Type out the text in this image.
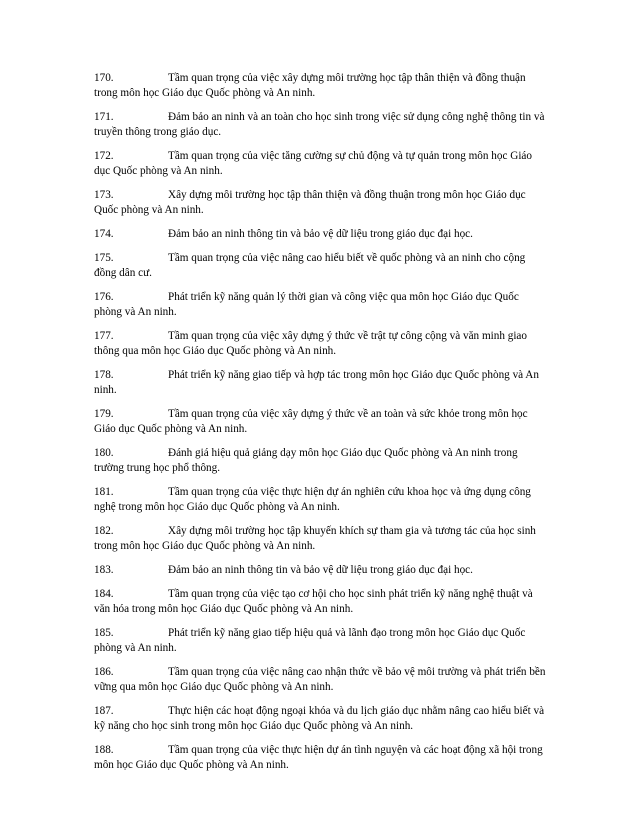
170.	Tầm quan trọng của việc xây dựng môi trường học tập thân thiện và đồng thuận trong môn học Giáo dục Quốc phòng và An ninh.
171.	Đảm bảo an ninh và an toàn cho học sinh trong việc sử dụng công nghệ thông tin và truyền thông trong giáo dục.
172.	Tầm quan trọng của việc tăng cường sự chủ động và tự quản trong môn học Giáo dục Quốc phòng và An ninh.
173.	Xây dựng môi trường học tập thân thiện và đồng thuận trong môn học Giáo dục Quốc phòng và An ninh.
174.	Đảm bảo an ninh thông tin và bảo vệ dữ liệu trong giáo dục đại học.
175.	Tầm quan trọng của việc nâng cao hiểu biết về quốc phòng và an ninh cho cộng đồng dân cư.
176.	Phát triển kỹ năng quản lý thời gian và công việc qua môn học Giáo dục Quốc phòng và An ninh.
177.	Tầm quan trọng của việc xây dựng ý thức về trật tự công cộng và văn minh giao thông qua môn học Giáo dục Quốc phòng và An ninh.
178.	Phát triển kỹ năng giao tiếp và hợp tác trong môn học Giáo dục Quốc phòng và An ninh.
179.	Tầm quan trọng của việc xây dựng ý thức về an toàn và sức khỏe trong môn học Giáo dục Quốc phòng và An ninh.
180.	Đánh giá hiệu quả giảng dạy môn học Giáo dục Quốc phòng và An ninh trong trường trung học phổ thông.
181.	Tầm quan trọng của việc thực hiện dự án nghiên cứu khoa học và ứng dụng công nghệ trong môn học Giáo dục Quốc phòng và An ninh.
182.	Xây dựng môi trường học tập khuyến khích sự tham gia và tương tác của học sinh trong môn học Giáo dục Quốc phòng và An ninh.
183.	Đảm bảo an ninh thông tin và bảo vệ dữ liệu trong giáo dục đại học.
184.	Tầm quan trọng của việc tạo cơ hội cho học sinh phát triển kỹ năng nghệ thuật và văn hóa trong môn học Giáo dục Quốc phòng và An ninh.
185.	Phát triển kỹ năng giao tiếp hiệu quả và lãnh đạo trong môn học Giáo dục Quốc phòng và An ninh.
186.	Tầm quan trọng của việc nâng cao nhận thức về bảo vệ môi trường và phát triển bền vững qua môn học Giáo dục Quốc phòng và An ninh.
187.	Thực hiện các hoạt động ngoại khóa và du lịch giáo dục nhằm nâng cao hiểu biết và kỹ năng cho học sinh trong môn học Giáo dục Quốc phòng và An ninh.
188.	Tầm quan trọng của việc thực hiện dự án tình nguyện và các hoạt động xã hội trong môn học Giáo dục Quốc phòng và An ninh.
